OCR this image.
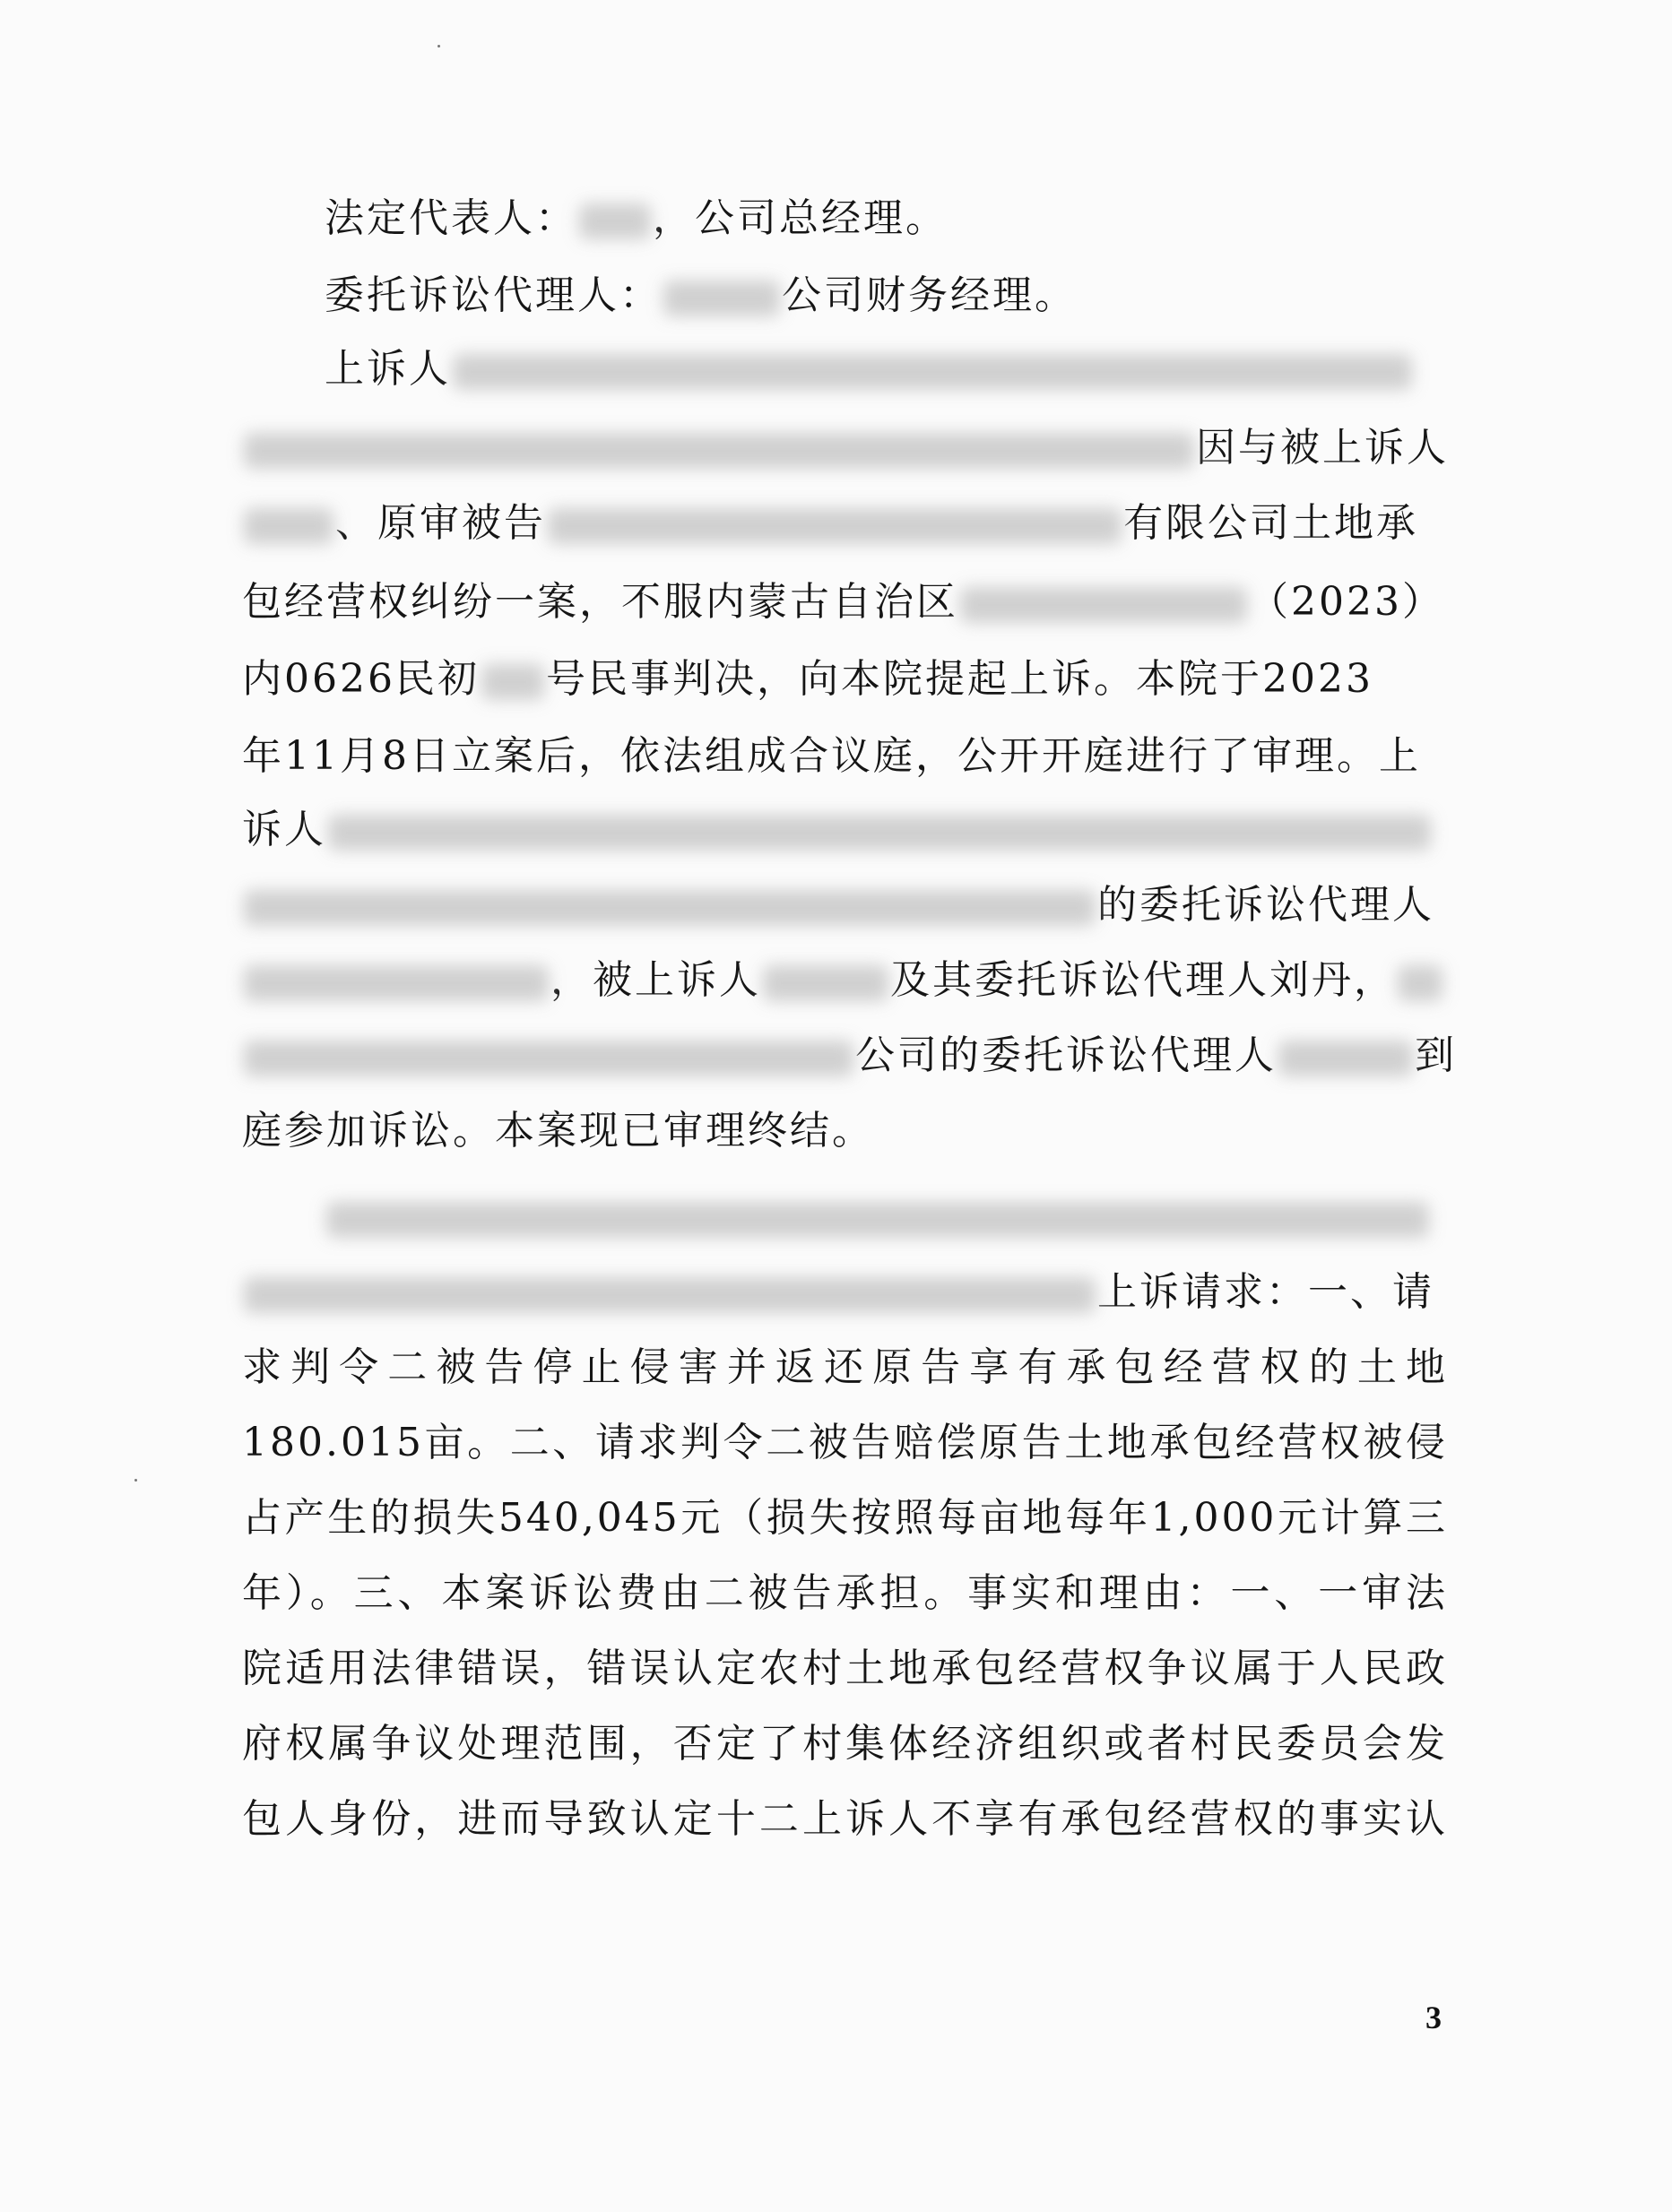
法定代表人： ，公司总经理。
委托诉讼代理人：	公司财务经理。
上诉人
因与被上诉人
、原审被告	有限公司土地承
包经营权纠纷一案，不服内蒙古自治区	（2023）
内0626民初 号民事判决，向本院提起上诉。本院于2023
年11月8日立案后，依法组成合议庭，公开开庭进行了审理。上
诉人
的委托诉讼代理人
，被上诉人	及其委托诉讼代理人刘丹，
公司的委托诉讼代理人	到
庭参加诉讼。本案现已审理终结。
上诉请求：一、请
求判令二被告停止侵害并返还原告享有承包经营权的土地
180.015亩。二、请求判令二被告赔偿原告土地承包经营权被侵
占产生的损失540,045元（损失按照每亩地每年1,000元计算三
年）。三、本案诉讼费由二被告承担。事实和理由：一、一审法
院适用法律错误，错误认定农村土地承包经营权争议属于人民政
府权属争议处理范围，否定了村集体经济组织或者村民委员会发
包人身份，进而导致认定十二上诉人不享有承包经营权的事实认
3
